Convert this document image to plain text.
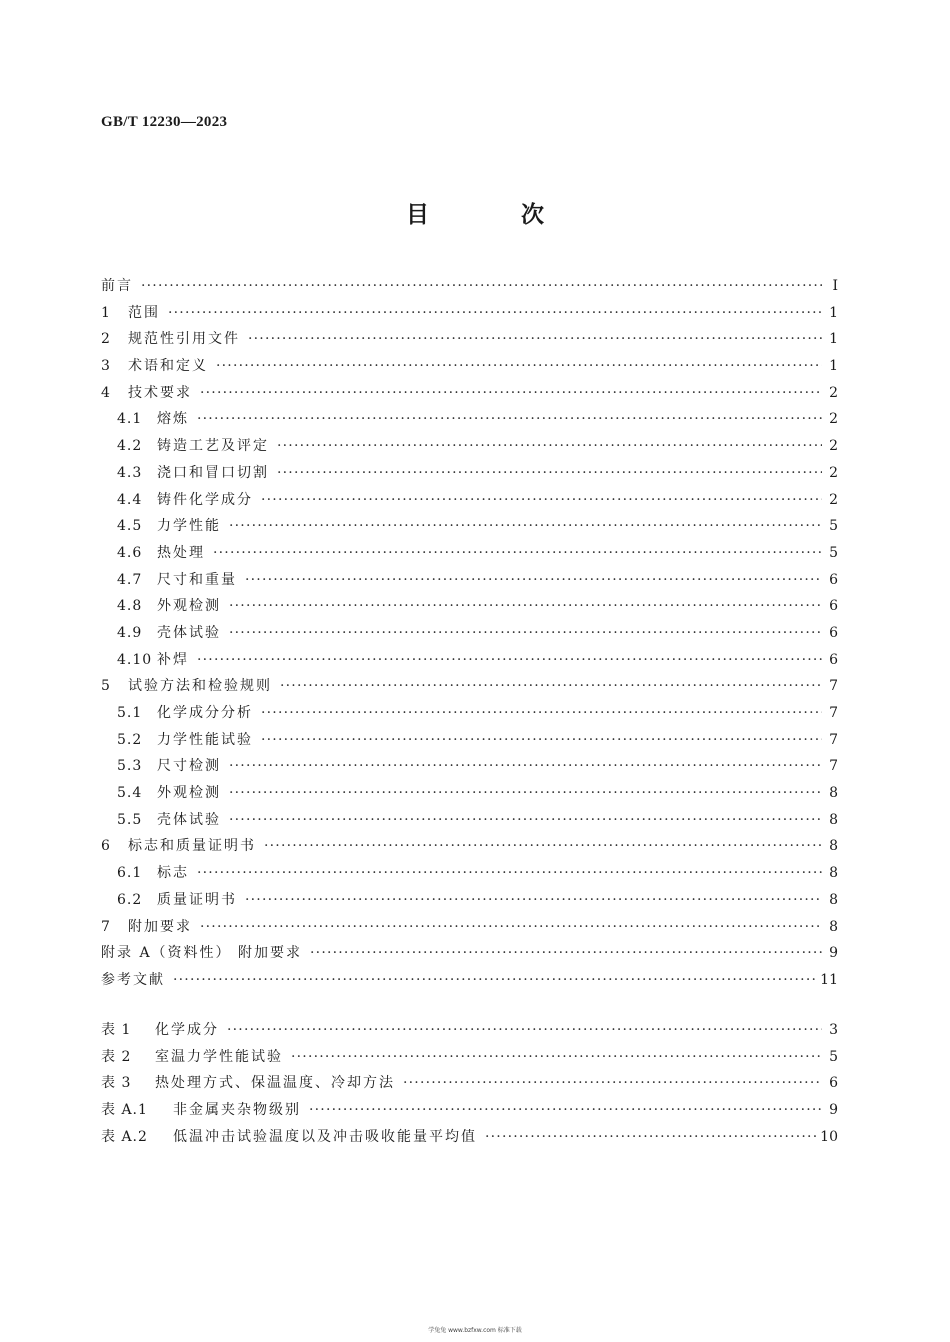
GB/T 12230—2023
目 次
前言 ·····	Ⅰ
1	范围 ·····	1
2	规范性引用文件 ·····	1
3	术语和定义 ·····	1
4	技术要求 ·····	2
4.1	熔炼 ·····	2
4.2	铸造工艺及评定 ·····	2
4.3	浇口和冒口切割 ·····	2
4.4	铸件化学成分 ·····	2
4.5	力学性能 ·····	5
4.6	热处理 ·····	5
4.7	尺寸和重量 ·····	6
4.8	外观检测 ·····	6
4.9	壳体试验 ·····	6
4.10 补焊 ·····	6
5	试验方法和检验规则 ·····	7
5.1	化学成分分析 ·····	7
5.2	力学性能试验 ·····	7
5.3	尺寸检测 ·····	7
5.4	外观检测 ·····	8
5.5	壳体试验 ·····	8
6	标志和质量证明书 ·····	8
6.1	标志 ·····	8
6.2	质量证明书 ·····	8
7	附加要求 ·····	8
附录 A（资料性） 附加要求 ·····	9
参考文献 ·····	11
表 1	化学成分 ·····	3
表 2	室温力学性能试验 ·····	5
表 3	热处理方式、保温温度、冷却方法 ·····	6
表 A.1	非金属夹杂物级别 ·····	9
表 A.2	低温冲击试验温度以及冲击吸收能量平均值 ·····	10
学兔兔 www.bzfxw.com 标准下载
